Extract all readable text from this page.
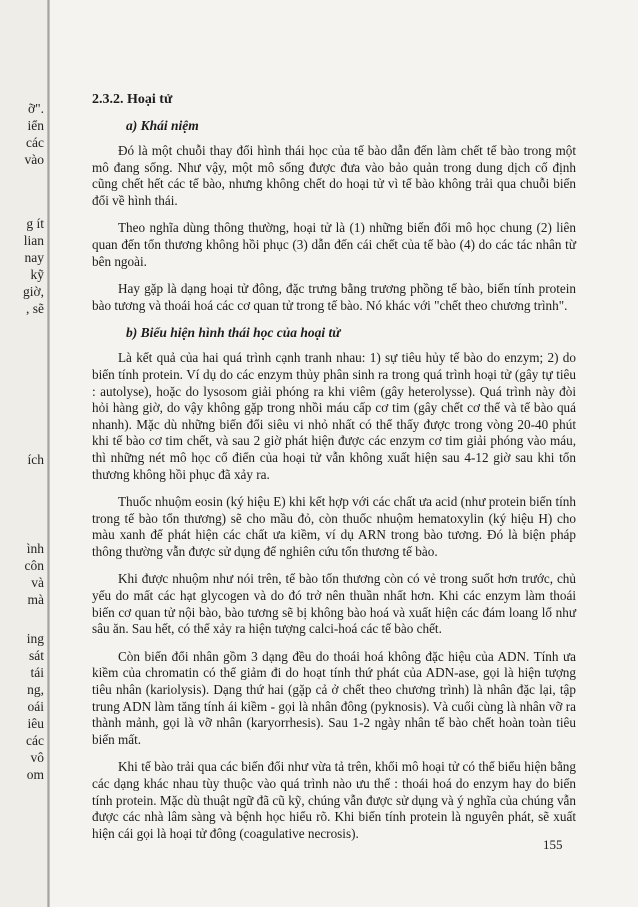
ỡ".
iển
các
vào
g ít
lian
nay
kỹ
giờ,
, sẽ
ích
ình
côn
và
mà
ing
sát
tái
ng,
oái
iêu
các
vô
om
2.3.2. Hoại tử
a) Khái niệm

Đó là một chuỗi thay đổi hình thái học của tế bào dẫn đến làm chết tế bào trong một mô đang sống. Như vậy, một mô sống được đưa vào bảo quản trong dung dịch cố định cũng chết hết các tế bào, nhưng không chết do hoại tử vì tế bào không trải qua chuỗi biến đổi về hình thái.

Theo nghĩa dùng thông thường, hoại tử là (1) những biến đổi mô học chung (2) liên quan đến tổn thương không hồi phục (3) dẫn đến cái chết của tế bào (4) do các tác nhân từ bên ngoài.

Hay gặp là dạng hoại tử đông, đặc trưng bằng trương phồng tế bào, biến tính protein bào tương và thoái hoá các cơ quan tử trong tế bào. Nó khác với "chết theo chương trình".

b) Biểu hiện hình thái học của hoại tử

Là kết quả của hai quá trình cạnh tranh nhau: 1) sự tiêu hủy tế bào do enzym; 2) do biến tính protein. Ví dụ do các enzym thủy phân sinh ra trong quá trình hoại tử (gây tự tiêu : autolyse), hoặc do lysosom giải phóng ra khi viêm (gây heterolysse). Quá trình này đòi hỏi hàng giờ, do vậy không gặp trong nhồi máu cấp cơ tim (gây chết cơ thể và tế bào quá nhanh). Mặc dù những biến đổi siêu vi nhỏ nhất có thể thấy được trong vòng 20-40 phút khi tế bào cơ tim chết, và sau 2 giờ phát hiện được các enzym cơ tim giải phóng vào máu, thì những nét mô học cổ điển của hoại tử vẫn không xuất hiện sau 4-12 giờ sau khi tổn thương không hồi phục đã xảy ra.

Thuốc nhuộm eosin (ký hiệu E) khi kết hợp với các chất ưa acid (như protein biến tính trong tế bào tổn thương) sẽ cho mầu đỏ, còn thuốc nhuộm hematoxylin (ký hiệu H) cho màu xanh để phát hiện các chất ưa kiềm, ví dụ ARN trong bào tương. Đó là biện pháp thông thường vẫn được sử dụng để nghiên cứu tổn thương tế bào.

Khi được nhuộm như nói trên, tế bào tổn thương còn có vẻ trong suốt hơn trước, chủ yếu do mất các hạt glycogen và do đó trở nên thuần nhất hơn. Khi các enzym làm thoái biến cơ quan tử nội bào, bào tương sẽ bị không bào hoá và xuất hiện các đám loang lổ như sâu ăn. Sau hết, có thể xảy ra hiện tượng calci-hoá các tế bào chết.

Còn biến đổi nhân gồm 3 dạng đều do thoái hoá không đặc hiệu của ADN. Tính ưa kiềm của chromatin có thể giảm đi do hoạt tính thứ phát của ADN-ase, gọi là hiện tượng tiêu nhân (kariolysis). Dạng thứ hai (gặp cả ở chết theo chương trình) là nhân đặc lại, tập trung ADN làm tăng tính ái kiềm - gọi là nhân đông (pyknosis). Và cuối cùng là nhân vỡ ra thành mảnh, gọi là vỡ nhân (karyorrhesis). Sau 1-2 ngày nhân tế bào chết hoàn toàn tiêu biến mất.

Khi tế bào trải qua các biến đổi như vừa tả trên, khối mô hoại tử có thể biểu hiện bằng các dạng khác nhau tùy thuộc vào quá trình nào ưu thế : thoái hoá do enzym hay do biến tính protein. Mặc dù thuật ngữ đã cũ kỹ, chúng vẫn được sử dụng và ý nghĩa của chúng vẫn được các nhà lâm sàng và bệnh học hiểu rõ. Khi biến tính protein là nguyên phát, sẽ xuất hiện cái gọi là hoại tử đông (coagulative necrosis).

155
